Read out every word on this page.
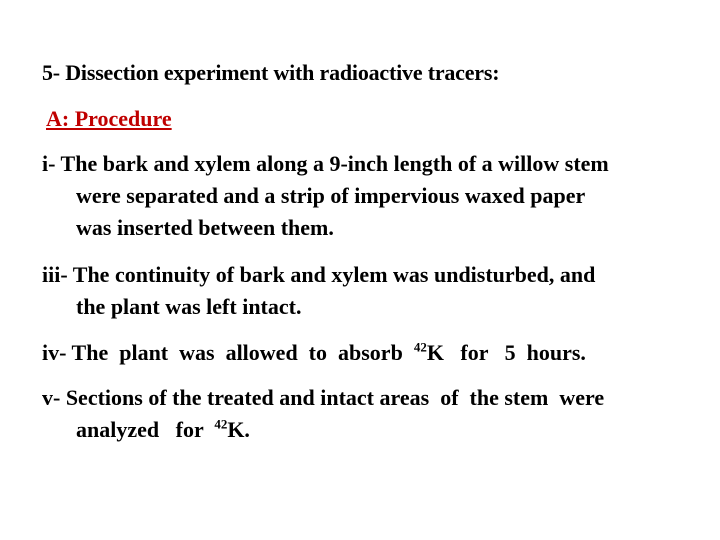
5- Dissection experiment with radioactive tracers:
A: Procedure
i- The bark and xylem along a 9-inch length of a willow stem
were separated and a strip of impervious waxed paper
was inserted between them.
iii- The continuity of bark and xylem was undisturbed, and
the plant was left intact.
iv- The  plant  was  allowed  to  absorb  $^{42}$K   for   5  hours.
v- Sections of the treated and intact areas  of  the stem  were
analyzed   for  $^{42}$K.
